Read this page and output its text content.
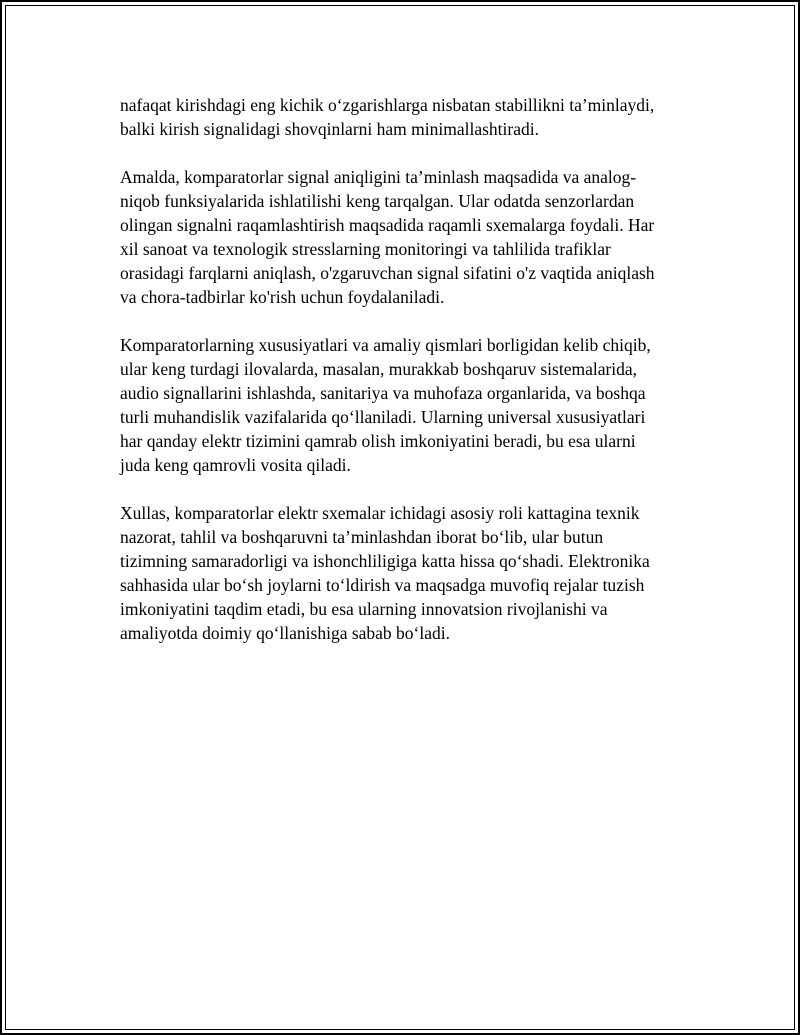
nafaqat kirishdagi eng kichik o‘zgarishlarga nisbatan stabillikni ta’minlaydi,
balki kirish signalidagi shovqinlarni ham minimallashtiradi.

Amalda, komparatorlar signal aniqligini ta’minlash maqsadida va analog-
niqob funksiyalarida ishlatilishi keng tarqalgan. Ular odatda senzorlardan
olingan signalni raqamlashtirish maqsadida raqamli sxemalarga foydali. Har
xil sanoat va texnologik stresslarning monitoringi va tahlilida trafiklar
orasidagi farqlarni aniqlash, o'zgaruvchan signal sifatini o'z vaqtida aniqlash
va chora-tadbirlar ko'rish uchun foydalaniladi.

Komparatorlarning xususiyatlari va amaliy qismlari borligidan kelib chiqib,
ular keng turdagi ilovalarda, masalan, murakkab boshqaruv sistemalarida,
audio signallarini ishlashda, sanitariya va muhofaza organlarida, va boshqa
turli muhandislik vazifalarida qo‘llaniladi. Ularning universal xususiyatlari
har qanday elektr tizimini qamrab olish imkoniyatini beradi, bu esa ularni
juda keng qamrovli vosita qiladi.

Xullas, komparatorlar elektr sxemalar ichidagi asosiy roli kattagina texnik
nazorat, tahlil va boshqaruvni ta’minlashdan iborat bo‘lib, ular butun
tizimning samaradorligi va ishonchliligiga katta hissa qo‘shadi. Elektronika
sahhasida ular bo‘sh joylarni to‘ldirish va maqsadga muvofiq rejalar tuzish
imkoniyatini taqdim etadi, bu esa ularning innovatsion rivojlanishi va
amaliyotda doimiy qo‘llanishiga sabab bo‘ladi.
